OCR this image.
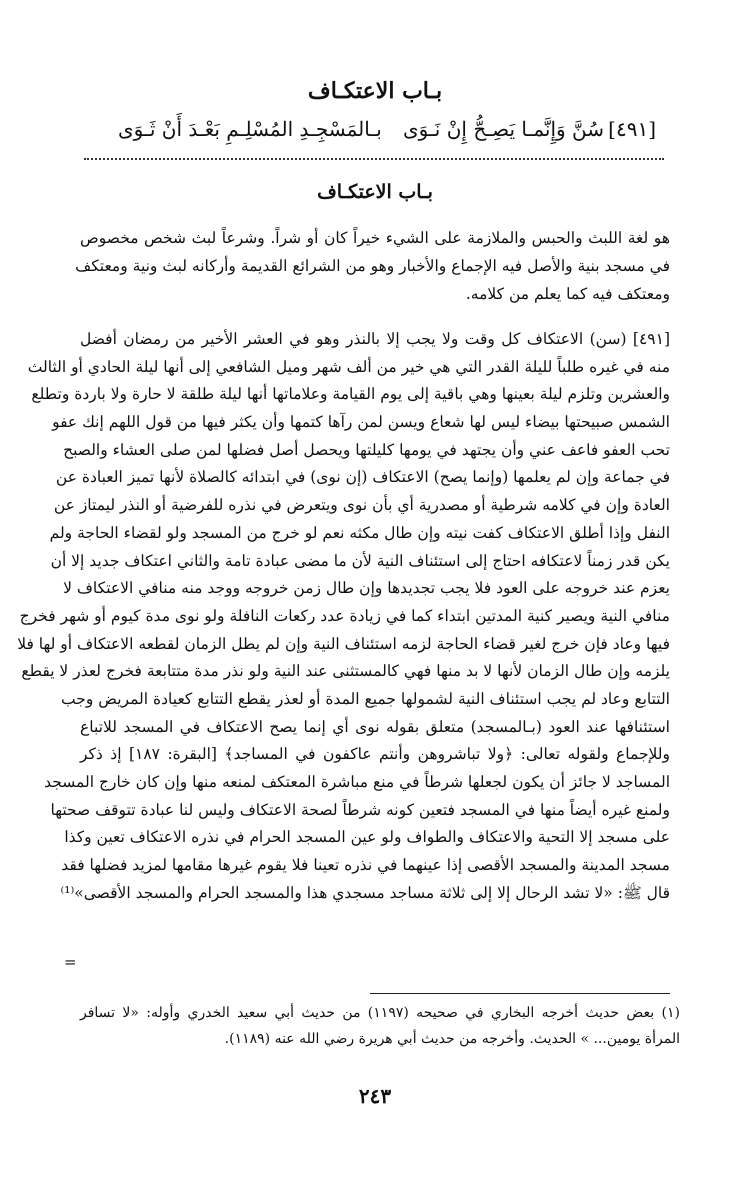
بـاب الاعتكـاف
[٤٩١]
سُنَّ وَإِنَّمـا يَصِـحُّ إِنْ نَـوَى
بـالمَسْجِـدِ المُسْلِـمِ بَعْـدَ أَنْ ثَـوَى
بـاب الاعتكـاف
هو لغة اللبث والحبس والملازمة على الشيء خيراً كان أو شراً. وشرعاً لبث شخص مخصوص
في مسجد بنية والأصل فيه الإجماع والأخبار وهو من الشرائع القديمة وأركانه لبث ونية ومعتكف
ومعتكف فيه كما يعلم من كلامه.
[٤٩١] (سن) الاعتكاف كل وقت ولا يجب إلا بالنذر وهو في العشر الأخير من رمضان أفضل
منه في غيره طلباً لليلة القدر التي هي خير من ألف شهر وميل الشافعي إلى أنها ليلة الحادي أو الثالث
والعشرين وتلزم ليلة بعينها وهي باقية إلى يوم القيامة وعلاماتها أنها ليلة طلقة لا حارة ولا باردة وتطلع
الشمس صبيحتها بيضاء ليس لها شعاع ويسن لمن رآها كتمها وأن يكثر فيها من قول اللهم إنك عفو
تحب العفو فاعف عني وأن يجتهد في يومها كليلتها ويحصل أصل فضلها لمن صلى العشاء والصبح
في جماعة وإن لم يعلمها (وإنما يصح) الاعتكاف (إن نوى) في ابتدائه كالصلاة لأنها تميز العبادة عن
العادة وإن في كلامه شرطية أو مصدرية أي بأن نوى ويتعرض في نذره للفرضية أو النذر ليمتاز عن
النفل وإذا أطلق الاعتكاف كفت نيته وإن طال مكثه نعم لو خرج من المسجد ولو لقضاء الحاجة ولم
يكن قدر زمناً لاعتكافه احتاج إلى استئناف النية لأن ما مضى عبادة تامة والثاني اعتكاف جديد إلا أن
يعزم عند خروجه على العود فلا يجب تجديدها وإن طال زمن خروجه ووجد منه منافي الاعتكاف لا
منافي النية ويصير كنية المدتين ابتداء كما في زيادة عدد ركعات النافلة ولو نوى مدة كيوم أو شهر فخرج
فيها وعاد فإن خرج لغير قضاء الحاجة لزمه استئناف النية وإن لم يطل الزمان لقطعه الاعتكاف أو لها فلا
يلزمه وإن طال الزمان لأنها لا بد منها فهي كالمستثنى عند النية ولو نذر مدة متتابعة فخرج لعذر لا يقطع
التتابع وعاد لم يجب استئناف النية لشمولها جميع المدة أو لعذر يقطع التتابع كعيادة المريض وجب
استئنافها عند العود (بـالمسجد) متعلق بقوله نوى أي إنما يصح الاعتكاف في المسجد للاتباع
وللإجماع ولقوله تعالى: ﴿ولا تباشروهن وأنتم عاكفون في المساجد﴾ [البقرة: ١٨٧] إذ ذكر
المساجد لا جائز أن يكون لجعلها شرطاً في منع مباشرة المعتكف لمنعه منها وإن كان خارج المسجد
ولمنع غيره أيضاً منها في المسجد فتعين كونه شرطاً لصحة الاعتكاف وليس لنا عبادة تتوقف صحتها
على مسجد إلا التحية والاعتكاف والطواف ولو عين المسجد الحرام في نذره الاعتكاف تعين وكذا
مسجد المدينة والمسجد الأقصى إذا عينهما في نذره تعينا فلا يقوم غيرها مقامها لمزيد فضلها فقد
قال ﷺ: «لا تشد الرحال إلا إلى ثلاثة مساجد مسجدي هذا والمسجد الحرام والمسجد الأقصى»⁽¹⁾
=
(١) بعض حديث أخرجه البخاري في صحيحه (١١٩٧) من حديث أبي سعيد الخدري وأوله: «لا تسافر
المرأة يومين... » الحديث. وأخرجه من حديث أبي هريرة رضي الله عنه (١١٨٩).
٢٤٣
